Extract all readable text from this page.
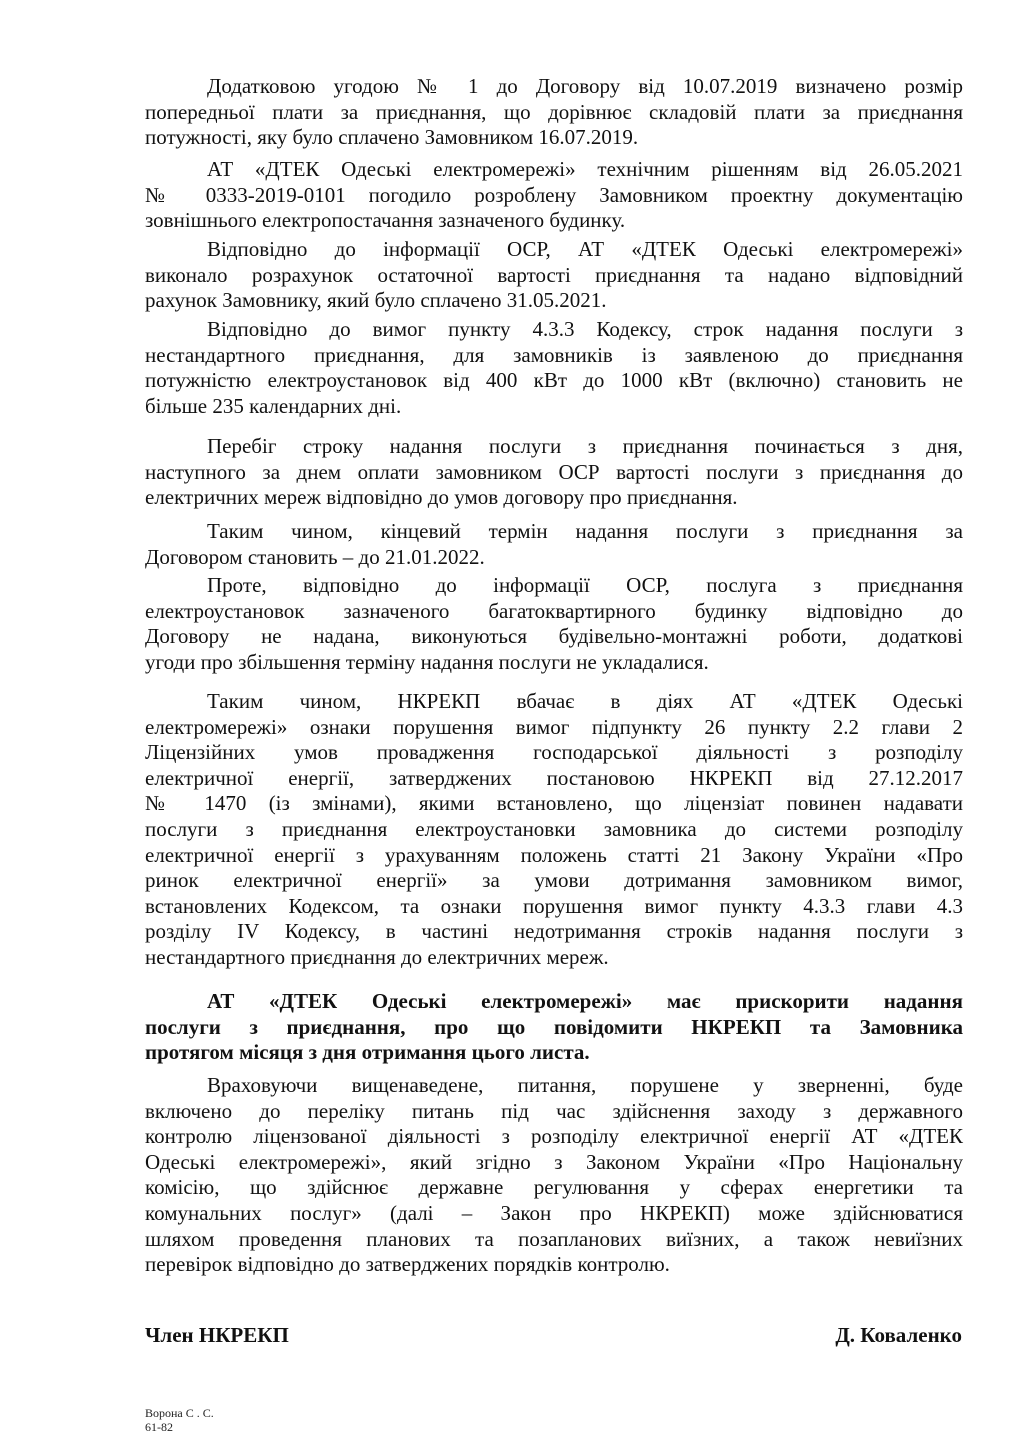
Додатковою угодою № 1 до Договору від 10.07.2019 визначено розмір
попередньої плати за приєднання, що дорівнює складовій плати за приєднання
потужності, яку було сплачено Замовником 16.07.2019.
АТ «ДТЕК Одеські електромережі» технічним рішенням від 26.05.2021
№ 0333-2019-0101 погодило розроблену Замовником проектну документацію
зовнішнього електропостачання зазначеного будинку.
Відповідно до інформації ОСР, АТ «ДТЕК Одеські електромережі»
виконало розрахунок остаточної вартості приєднання та надано відповідний
рахунок Замовнику, який було сплачено 31.05.2021.
Відповідно до вимог пункту 4.3.3 Кодексу, строк надання послуги з
нестандартного приєднання, для замовників із заявленою до приєднання
потужністю електроустановок від 400 кВт до 1000 кВт (включно) становить не
більше 235 календарних дні.
Перебіг строку надання послуги з приєднання починається з дня,
наступного за днем оплати замовником ОСР вартості послуги з приєднання до
електричних мереж відповідно до умов договору про приєднання.
Таким чином, кінцевий термін надання послуги з приєднання за
Договором становить – до 21.01.2022.
Проте, відповідно до інформації ОСР, послуга з приєднання
електроустановок зазначеного багатоквартирного будинку відповідно до
Договору не надана, виконуються будівельно-монтажні роботи, додаткові
угоди про збільшення терміну надання послуги не укладалися.
Таким чином, НКРЕКП вбачає в діях АТ «ДТЕК Одеські
електромережі» ознаки порушення вимог підпункту 26 пункту 2.2 глави 2
Ліцензійних умов провадження господарської діяльності з розподілу
електричної енергії, затверджених постановою НКРЕКП від 27.12.2017
№ 1470 (із змінами), якими встановлено, що ліцензіат повинен надавати
послуги з приєднання електроустановки замовника до системи розподілу
електричної енергії з урахуванням положень статті 21 Закону України «Про
ринок електричної енергії» за умови дотримання замовником вимог,
встановлених Кодексом, та ознаки порушення вимог пункту 4.3.3 глави 4.3
розділу IV Кодексу, в частині недотримання строків надання послуги з
нестандартного приєднання до електричних мереж.
АТ «ДТЕК Одеські електромережі» має прискорити надання
послуги з приєднання, про що повідомити НКРЕКП та Замовника
протягом місяця з дня отримання цього листа.
Враховуючи вищенаведене, питання, порушене у зверненні, буде
включено до переліку питань під час здійснення заходу з державного
контролю ліцензованої діяльності з розподілу електричної енергії АТ «ДТЕК
Одеські електромережі», який згідно з Законом України «Про Національну
комісію, що здійснює державне регулювання у сферах енергетики та
комунальних послуг» (далі – Закон про НКРЕКП) може здійснюватися
шляхом проведення планових та позапланових виїзних, а також невиїзних
перевірок відповідно до затверджених порядків контролю.
Член НКРЕКП	Д. Коваленко
Ворона С . С.
61-82
